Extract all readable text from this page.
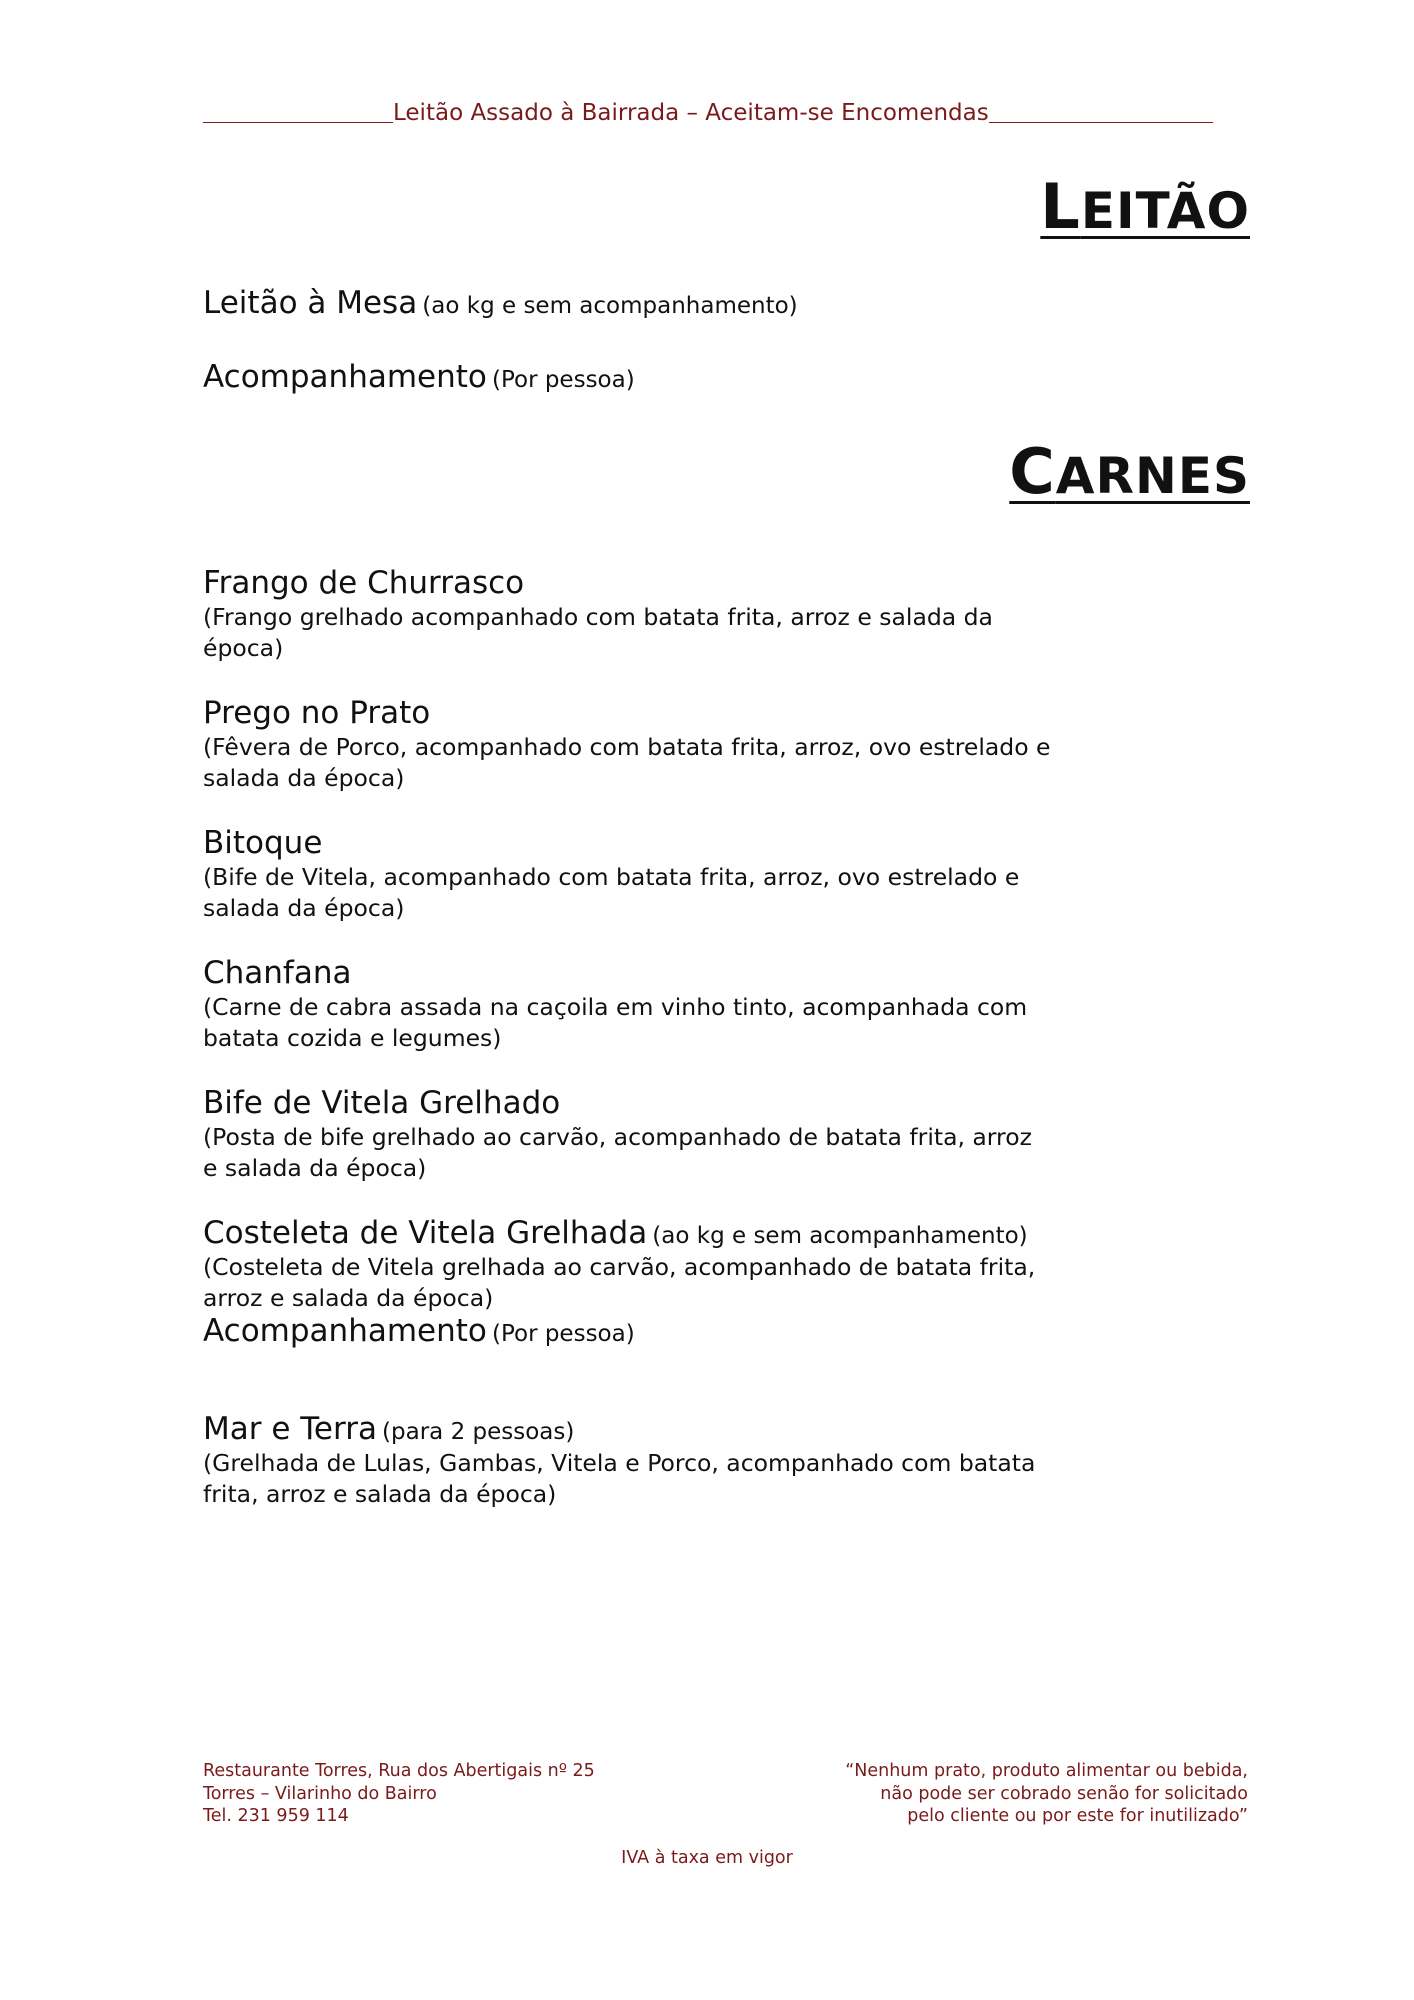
Leitão Assado à Bairrada – Aceitam-se Encomendas
LEITÃO
Leitão à Mesa (ao kg e sem acompanhamento)
Acompanhamento (Por pessoa)
CARNES
Frango de Churrasco
(Frango grelhado acompanhado com batata frita, arroz e salada da época)
Prego no Prato
(Fêvera de Porco, acompanhado com batata frita, arroz, ovo estrelado e salada da época)
Bitoque
(Bife de Vitela, acompanhado com batata frita, arroz, ovo estrelado e salada da época)
Chanfana
(Carne de cabra assada na caçoila em vinho tinto, acompanhada com batata cozida e legumes)
Bife de Vitela Grelhado
(Posta de bife grelhado ao carvão, acompanhado de batata frita, arroz e salada da época)
Costeleta de Vitela Grelhada (ao kg e sem acompanhamento)
(Costeleta de Vitela grelhada ao carvão, acompanhado de batata frita, arroz e salada da época)
Acompanhamento (Por pessoa)
Mar e Terra (para 2 pessoas)
(Grelhada de Lulas, Gambas, Vitela e Porco, acompanhado com batata frita, arroz e salada da época)
Restaurante Torres, Rua dos Abertigais nº 25
Torres – Vilarinho do Bairro
Tel. 231 959 114
“Nenhum prato, produto alimentar ou bebida,
não pode ser cobrado senão for solicitado
pelo cliente ou por este for inutilizado”
IVA à taxa em vigor
